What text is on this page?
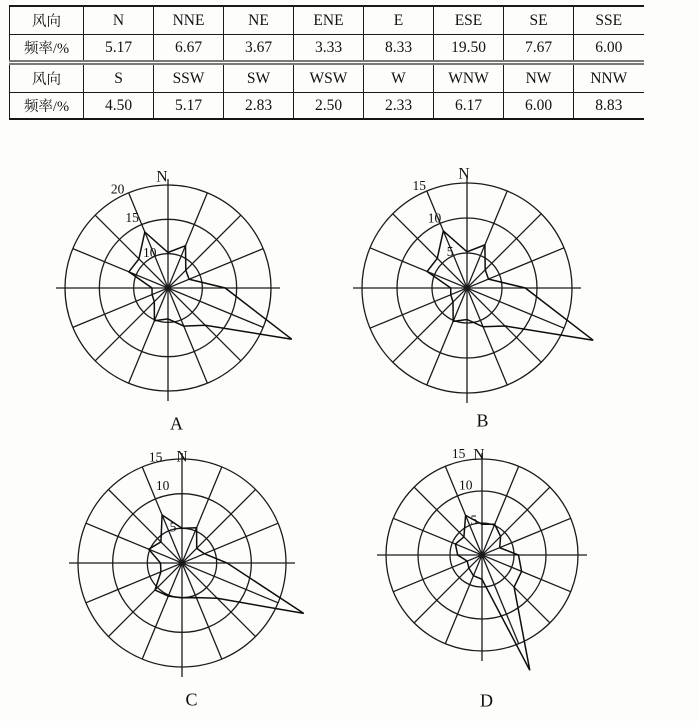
风向	N	NNE	NE	ENE	E	ESE	SE	SSE
频率/%	5.17	6.67	3.67	3.33	8.33	19.50	7.67	6.00
风向	S	SSW	SW	WSW	W	WNW	NW	NNW
频率/%	4.50	5.17	2.83	2.50	2.33	6.17	6.00	8.83
N
20
15
10
N
15
10
5
N
15
10
5
N
15
10
5
A	B
C	D
